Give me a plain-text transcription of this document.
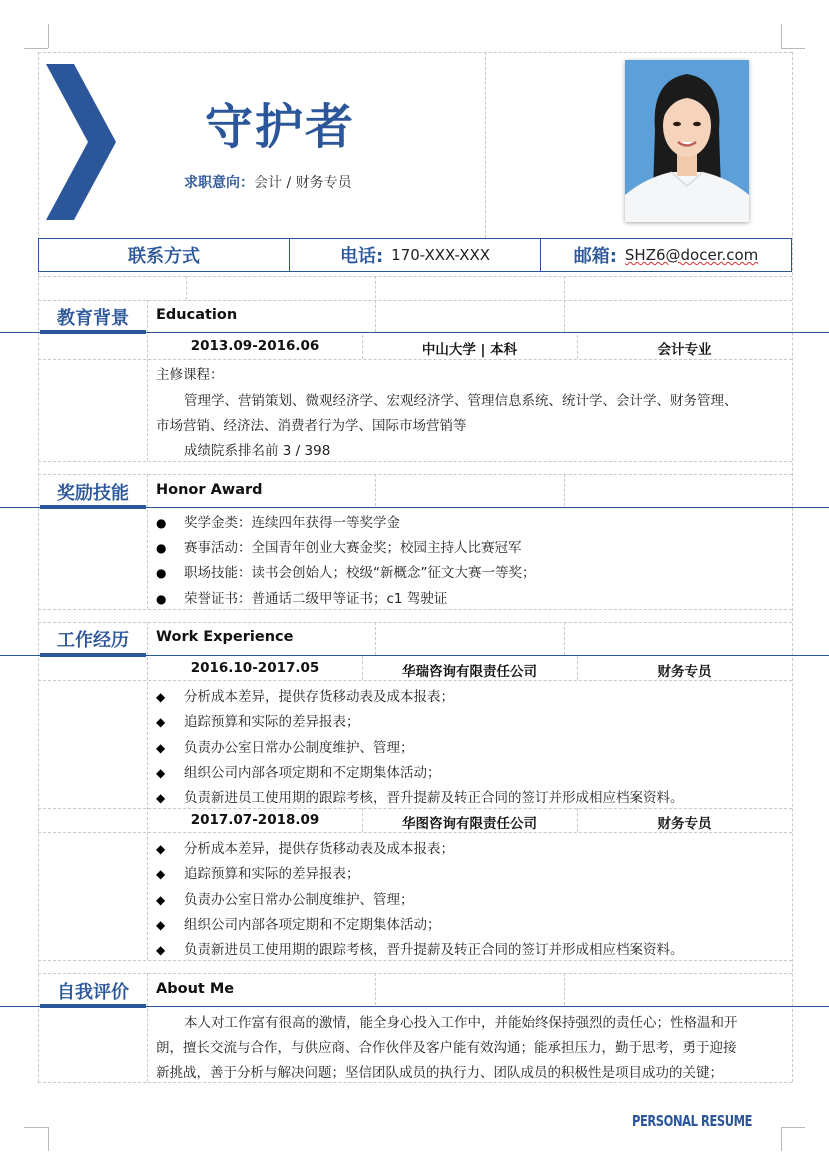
守护者
求职意向：会计 / 财务专员
联系方式	电话: 170-XXX-XXX	邮箱: SHZ6@docer.com
教育背景	Education
2013.09-2016.06	中山大学 | 本科	会计专业
主修课程：
管理学、营销策划、微观经济学、宏观经济学、管理信息系统、统计学、会计学、财务管理、
市场营销、经济法、消费者行为学、国际市场营销等
成绩院系排名前 3 / 398
奖励技能	Honor Award
● 奖学金类：连续四年获得一等奖学金
● 赛事活动：全国青年创业大赛金奖；校园主持人比赛冠军
● 职场技能：读书会创始人；校级“新概念”征文大赛一等奖；
● 荣誉证书：普通话二级甲等证书；c1 驾驶证
工作经历	Work Experience
2016.10-2017.05	华瑞咨询有限责任公司	财务专员
◆ 分析成本差异，提供存货移动表及成本报表；
◆ 追踪预算和实际的差异报表；
◆ 负责办公室日常办公制度维护、管理；
◆ 组织公司内部各项定期和不定期集体活动；
◆ 负责新进员工使用期的跟踪考核，晋升提薪及转正合同的签订并形成相应档案资料。
2017.07-2018.09	华图咨询有限责任公司	财务专员
◆ 分析成本差异，提供存货移动表及成本报表；
◆ 追踪预算和实际的差异报表；
◆ 负责办公室日常办公制度维护、管理；
◆ 组织公司内部各项定期和不定期集体活动；
◆ 负责新进员工使用期的跟踪考核，晋升提薪及转正合同的签订并形成相应档案资料。
自我评价	About Me
本人对工作富有很高的激情，能全身心投入工作中，并能始终保持强烈的责任心；性格温和开
朗，擅长交流与合作，与供应商、合作伙伴及客户能有效沟通；能承担压力，勤于思考，勇于迎接
新挑战，善于分析与解决问题；坚信团队成员的执行力、团队成员的积极性是项目成功的关键；
PERSONAL RESUME
